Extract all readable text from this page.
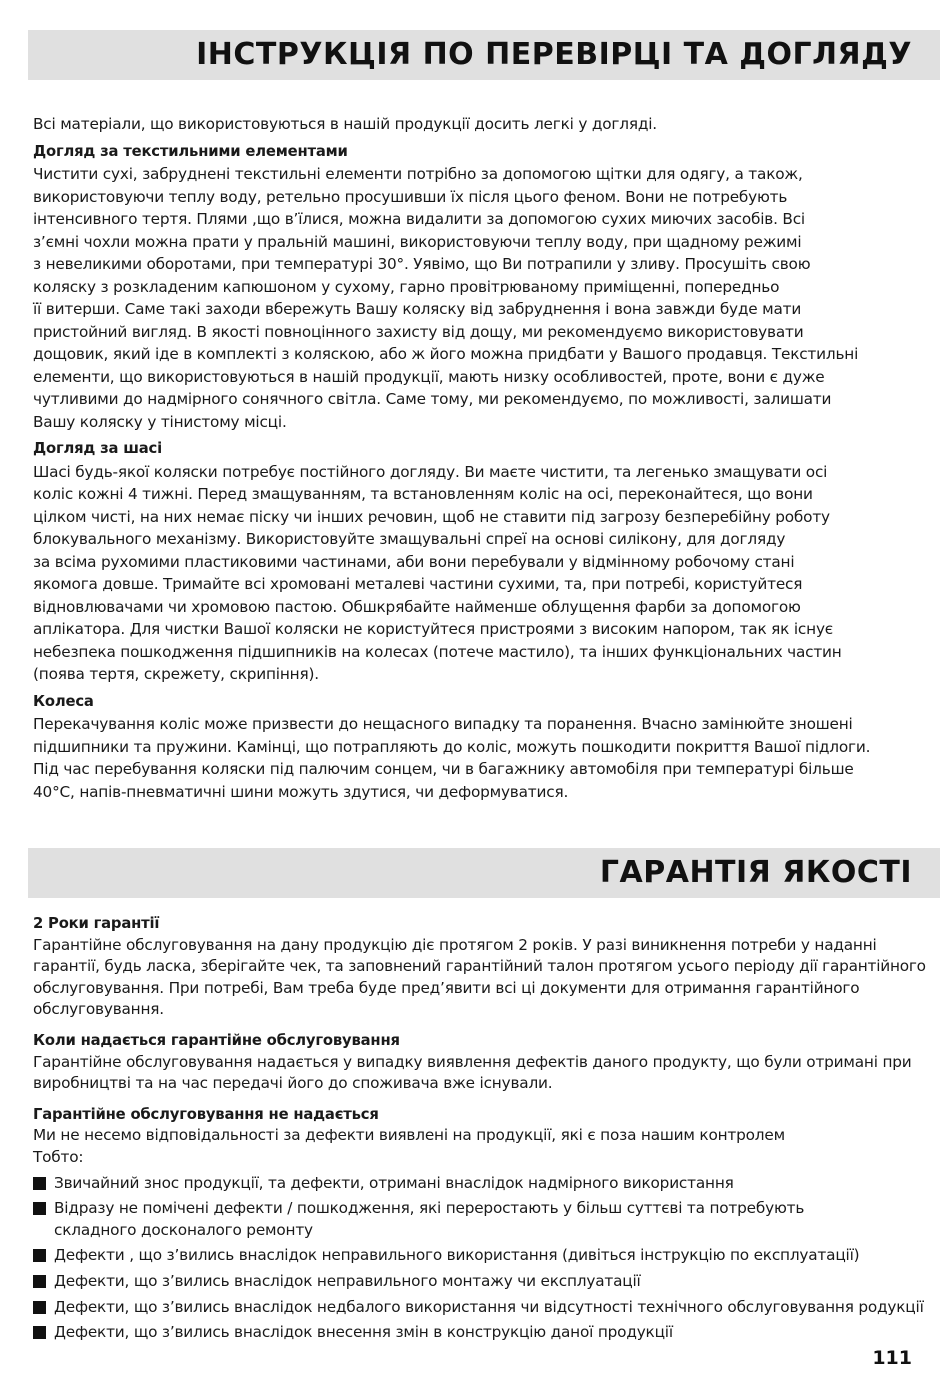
ІНСТРУКЦІЯ ПО ПЕРЕВІРЦІ ТА ДОГЛЯДУ

Всі матеріали, що використовуються в нашій продукції досить легкі у догляді.

Догляд за текстильними елементами

Чистити сухі, забруднені текстильні елементи потрібно за допомогою щітки для одягу, а також,
використовуючи теплу воду, ретельно просушивши їх після цього феном. Вони не потребують
інтенсивного тертя. Плями ,що в’їлися, можна видалити за допомогою сухих миючих засобів. Всі
з’ємні чохли можна прати у пральній машині, використовуючи теплу воду, при щадному режимі
з невеликими оборотами, при температурі 30°. Уявімо, що Ви потрапили у зливу. Просушіть свою
коляску з розкладеним капюшоном у сухому, гарно провітрюваному приміщенні, попередньо
її витерши. Саме такі заходи вбережуть Вашу коляску від забруднення і вона завжди буде мати
пристойний вигляд. В якості повноцінного захисту від дощу, ми рекомендуємо використовувати
дощовик, який іде в комплекті з коляскою, або ж його можна придбати у Вашого продавця. Текстильні
елементи, що використовуються в нашій продукції, мають низку особливостей, проте, вони є дуже
чутливими до надмірного сонячного світла. Саме тому, ми рекомендуємо, по можливості, залишати
Вашу коляску у тінистому місці.

Догляд за шасі

Шасі будь-якої коляски потребує постійного догляду. Ви маєте чистити, та легенько змащувати осі
коліс кожні 4 тижні. Перед змащуванням, та встановленням коліс на осі, переконайтеся, що вони
цілком чисті, на них немає піску чи інших речовин, щоб не ставити під загрозу безперебійну роботу
блокувального механізму. Використовуйте змащувальні спреї на основі силікону, для догляду
за всіма рухомими пластиковими частинами, аби вони перебували у відмінному робочому стані
якомога довше. Тримайте всі хромовані металеві частини сухими, та, при потребі, користуйтеся
відновлювачами чи хромовою пастою. Обшкрябайте найменше облущення фарби за допомогою
аплікатора. Для чистки Вашої коляски не користуйтеся пристроями з високим напором, так як існує
небезпека пошкодження підшипників на колесах (потече мастило), та інших функціональних частин
(поява тертя, скрежету, скрипіння).

Колеса

Перекачування коліс може призвести до нещасного випадку та поранення. Вчасно замінюйте зношені
підшипники та пружини. Камінці, що потрапляють до коліс, можуть пошкодити покриття Вашої підлоги.
Під час перебування коляски під палючим сонцем, чи в багажнику автомобіля при температурі більше
40°С, напів-пневматичні шини можуть здутися, чи деформуватися.

ГАРАНТІЯ ЯКОСТІ

2 Роки гарантії

Гарантійне обслуговування на дану продукцію діє протягом 2 років. У разі виникнення потреби у наданні
гарантії, будь ласка, зберігайте чек, та заповнений гарантійний талон протягом усього періоду дії гарантійного
обслуговування. При потребі, Вам треба буде пред’явити всі ці документи для отримання гарантійного
обслуговування.

Коли надається гарантійне обслуговування

Гарантійне обслуговування надається у випадку виявлення дефектів даного продукту, що були отримані при
виробництві та на час передачі його до споживача вже існували.

Гарантійне обслуговування не надається

Ми не несемо відповідальності за дефекти виявлені на продукції, які є поза нашим контролем
Тобто:

Звичайний знос продукції, та дефекти, отримані внаслідок надмірного використання
Відразу не помічені дефекти / пошкодження, які переростають у більш суттєві та потребують
складного досконалого ремонту
Дефекти , що з’вились внаслідок неправильного використання (дивіться інструкцію по експлуатації)
Дефекти, що з’вились внаслідок неправильного монтажу чи експлуатації
Дефекти, що з’вились внаслідок недбалого використання чи відсутності технічного обслуговування родукції
Дефекти, що з’вились внаслідок внесення змін в конструкцію даної продукції
111
